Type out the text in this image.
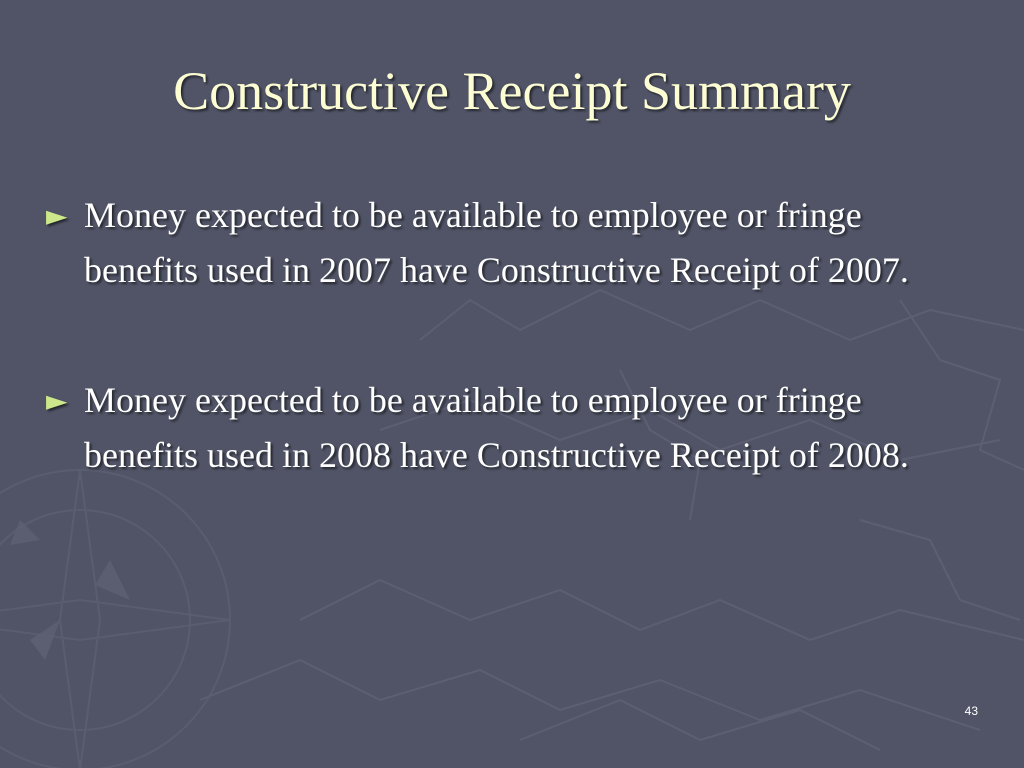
Constructive Receipt Summary
► Money expected to be available to employee or fringe benefits used in 2007 have Constructive Receipt of 2007.
► Money expected to be available to employee or fringe benefits used in 2008 have Constructive Receipt of 2008.
43
